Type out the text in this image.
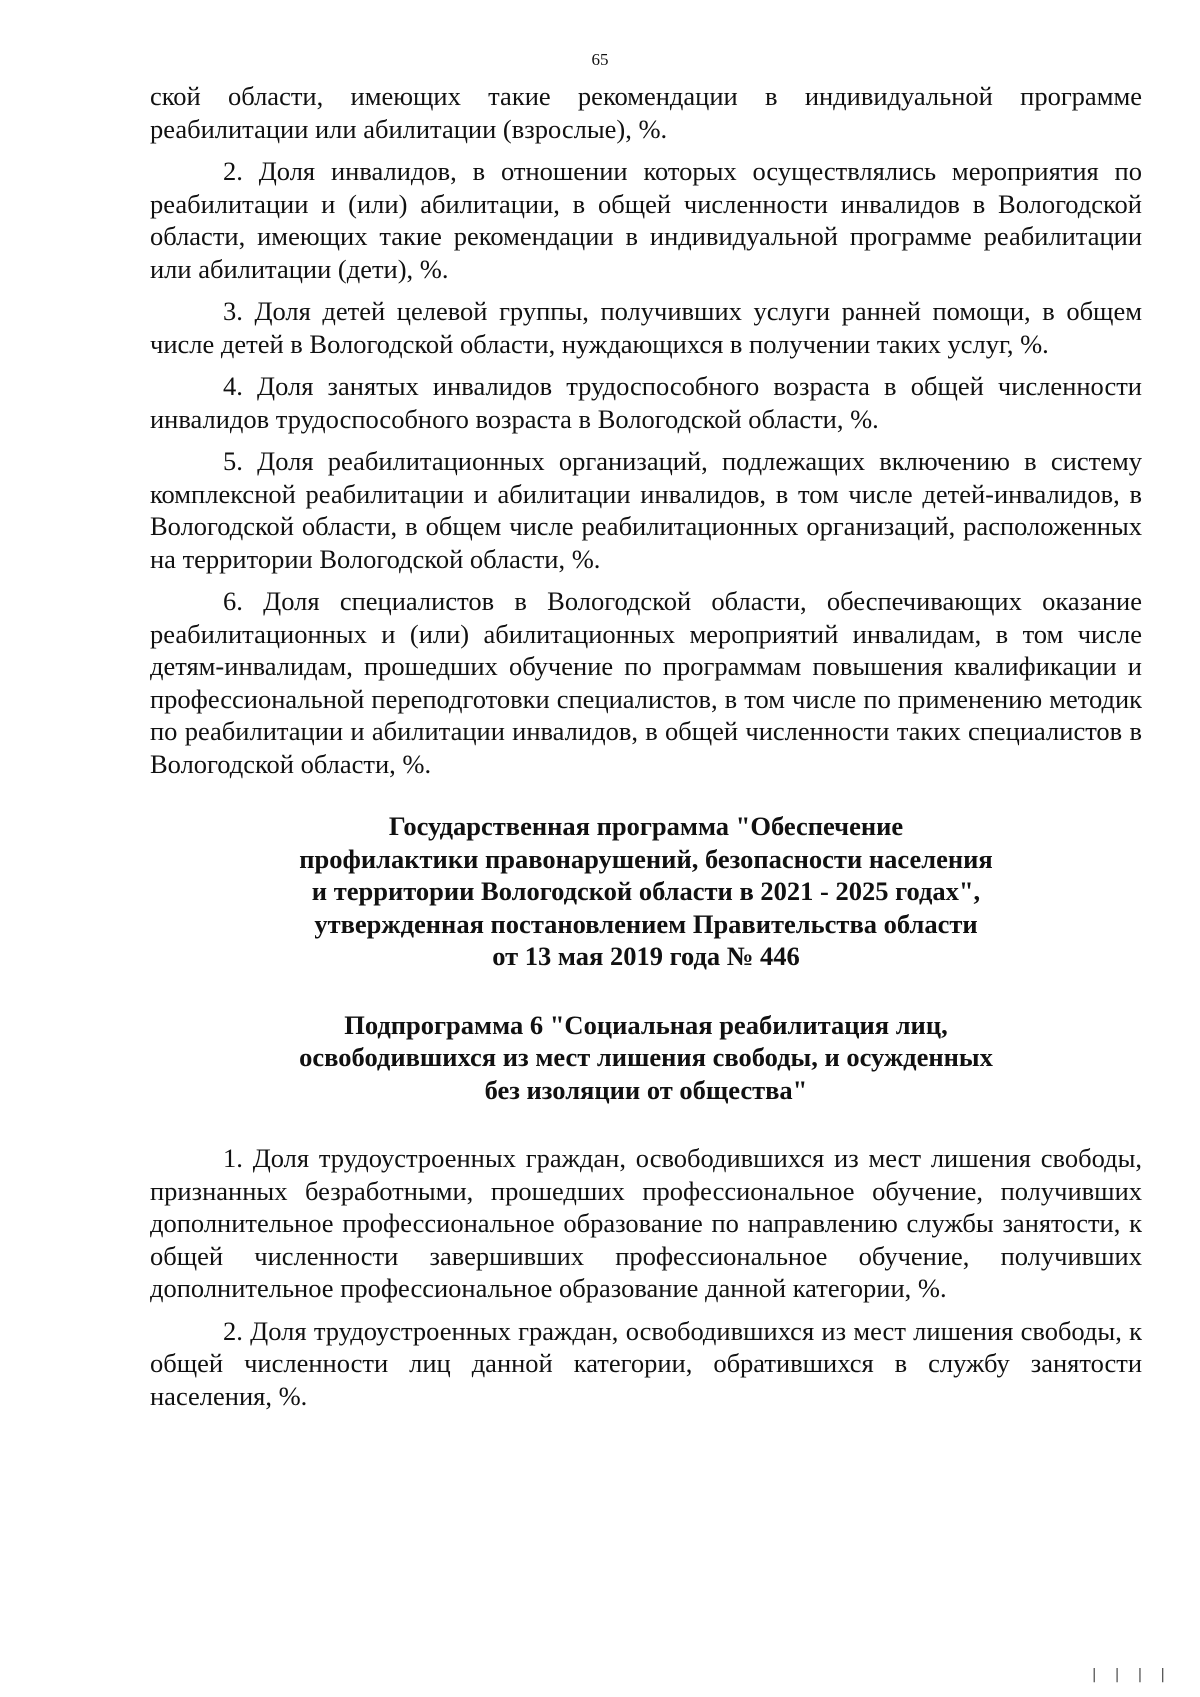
65

ской области, имеющих такие рекомендации в индивидуальной программе реабилитации или абилитации (взрослые), %.

2. Доля инвалидов, в отношении которых осуществлялись мероприятия по реабилитации и (или) абилитации, в общей численности инвалидов в Вологодской области, имеющих такие рекомендации в индивидуальной программе реабилитации или абилитации (дети), %.

3. Доля детей целевой группы, получивших услуги ранней помощи, в общем числе детей в Вологодской области, нуждающихся в получении таких услуг, %.

4. Доля занятых инвалидов трудоспособного возраста в общей численности инвалидов трудоспособного возраста в Вологодской области, %.

5. Доля реабилитационных организаций, подлежащих включению в систему комплексной реабилитации и абилитации инвалидов, в том числе детей-инвалидов, в Вологодской области, в общем числе реабилитационных организаций, расположенных на территории Вологодской области, %.

6. Доля специалистов в Вологодской области, обеспечивающих оказание реабилитационных и (или) абилитационных мероприятий инвалидам, в том числе детям-инвалидам, прошедших обучение по программам повышения квалификации и профессиональной переподготовки специалистов, в том числе по применению методик по реабилитации и абилитации инвалидов, в общей численности таких специалистов в Вологодской области, %.

Государственная программа "Обеспечение
профилактики правонарушений, безопасности населения
и территории Вологодской области в 2021 - 2025 годах",
утвержденная постановлением Правительства области
от 13 мая 2019 года № 446
Подпрограмма 6 "Социальная реабилитация лиц,
освободившихся из мест лишения свободы, и осужденных
без изоляции от общества"

1. Доля трудоустроенных граждан, освободившихся из мест лишения свободы, признанных безработными, прошедших профессиональное обучение, получивших дополнительное профессиональное образование по направлению службы занятости, к общей численности завершивших профессиональное обучение, получивших дополнительное профессиональное образование данной категории, %.

2. Доля трудоустроенных граждан, освободившихся из мест лишения свободы, к общей численности лиц данной категории, обратившихся в службу занятости населения, %.

| | | |
